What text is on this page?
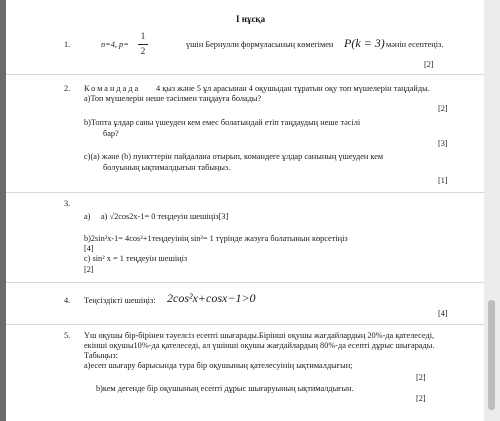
І нұсқа
1.	n=4, p=
1
2
үшін Бернулли формуласының көмегімен P(k = 3) мәнін есептеңіз.
[2]
2. Командада 4 қыз және 5 ұл арасынан 4 оқушыдан тұратын оқу топ мүшелерін таңдайды.
а)Топ мүшелерін неше тәсілмен таңдауға болады?
[2]
b)Топта ұлдар саны үшеуден кем емес болатындай етіп таңдаудың неше тәсілі
бар?
[3]
c)(a) және (b) пункттерін пайдалана отырып, командеге ұлдар санының үшеуден кем
болуының ықтималдығын табыңыз.
[1]
3.
а) а) √2cos2x-1= 0 теңдеуін шешіңіз[3]
b)2sin²x-1= 4cos²+1теңдеуінің sin²= 1 түрінде жазуға болатынын көрсетіңіз
[4]
c) sin² x = 1 теңдеуін шешіңіз
[2]
4. Теңсіздікті шешіңіз: 2cos²x+cosx−1>0
[4]
5. Үш оқушы бір-бірінен тәуелсіз есепті шығарады.Бірінші оқушы жағдайлардың 20%-да қателеседі,
екінші оқушы10%-да қателеседі, ал үшінші оқушы жағдайлардың 80%-да есепті дұрыс шығарады.
Табыңыз:
а)есеп шығару барысында тура бір оқушының қателесуінің ықтималдығын;
[2]
b)кем дегенде бір оқушының есепті дұрыс шығаруының ықтималдығын.
[2]
